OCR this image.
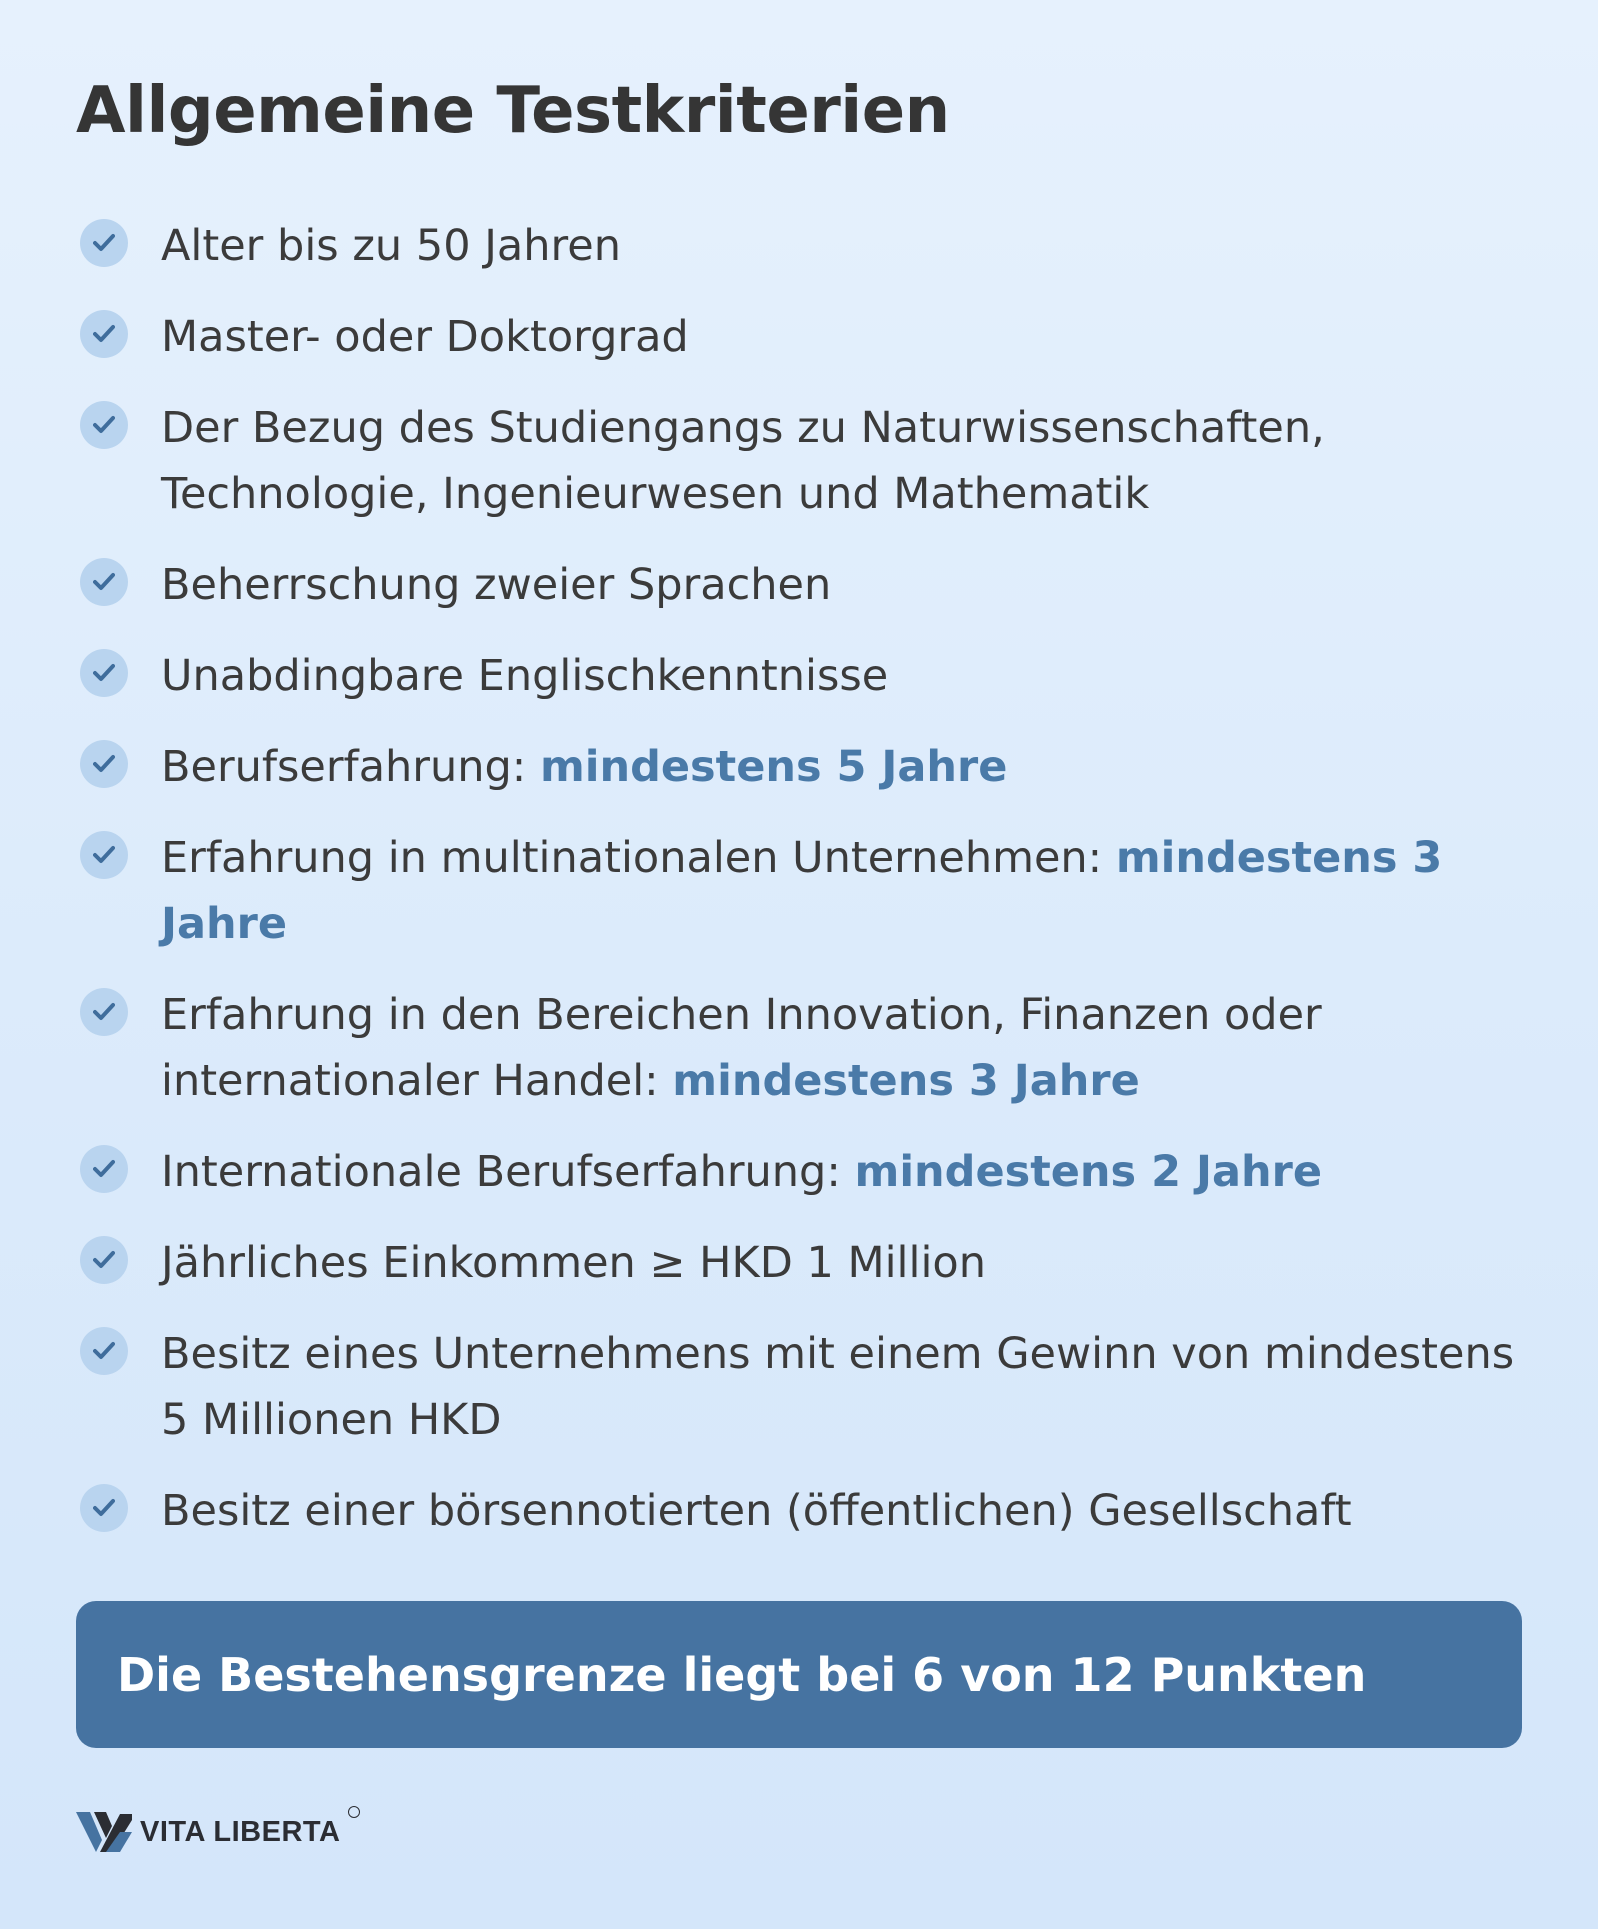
Allgemeine Testkriterien
Alter bis zu 50 Jahren
Master- oder Doktorgrad
Der Bezug des Studiengangs zu Naturwissenschaften, Technologie, Ingenieurwesen und Mathematik
Beherrschung zweier Sprachen
Unabdingbare Englischkenntnisse
Berufserfahrung: mindestens 5 Jahre
Erfahrung in multinationalen Unternehmen: mindestens 3 Jahre
Erfahrung in den Bereichen Innovation, Finanzen oder internationaler Handel: mindestens 3 Jahre
Internationale Berufserfahrung: mindestens 2 Jahre
Jährliches Einkommen ≥ HKD 1 Million
Besitz eines Unternehmens mit einem Gewinn von mindestens 5 Millionen HKD
Besitz einer börsennotierten (öffentlichen) Gesellschaft
Die Bestehensgrenze liegt bei 6 von 12 Punkten
VITA LIBERTA
